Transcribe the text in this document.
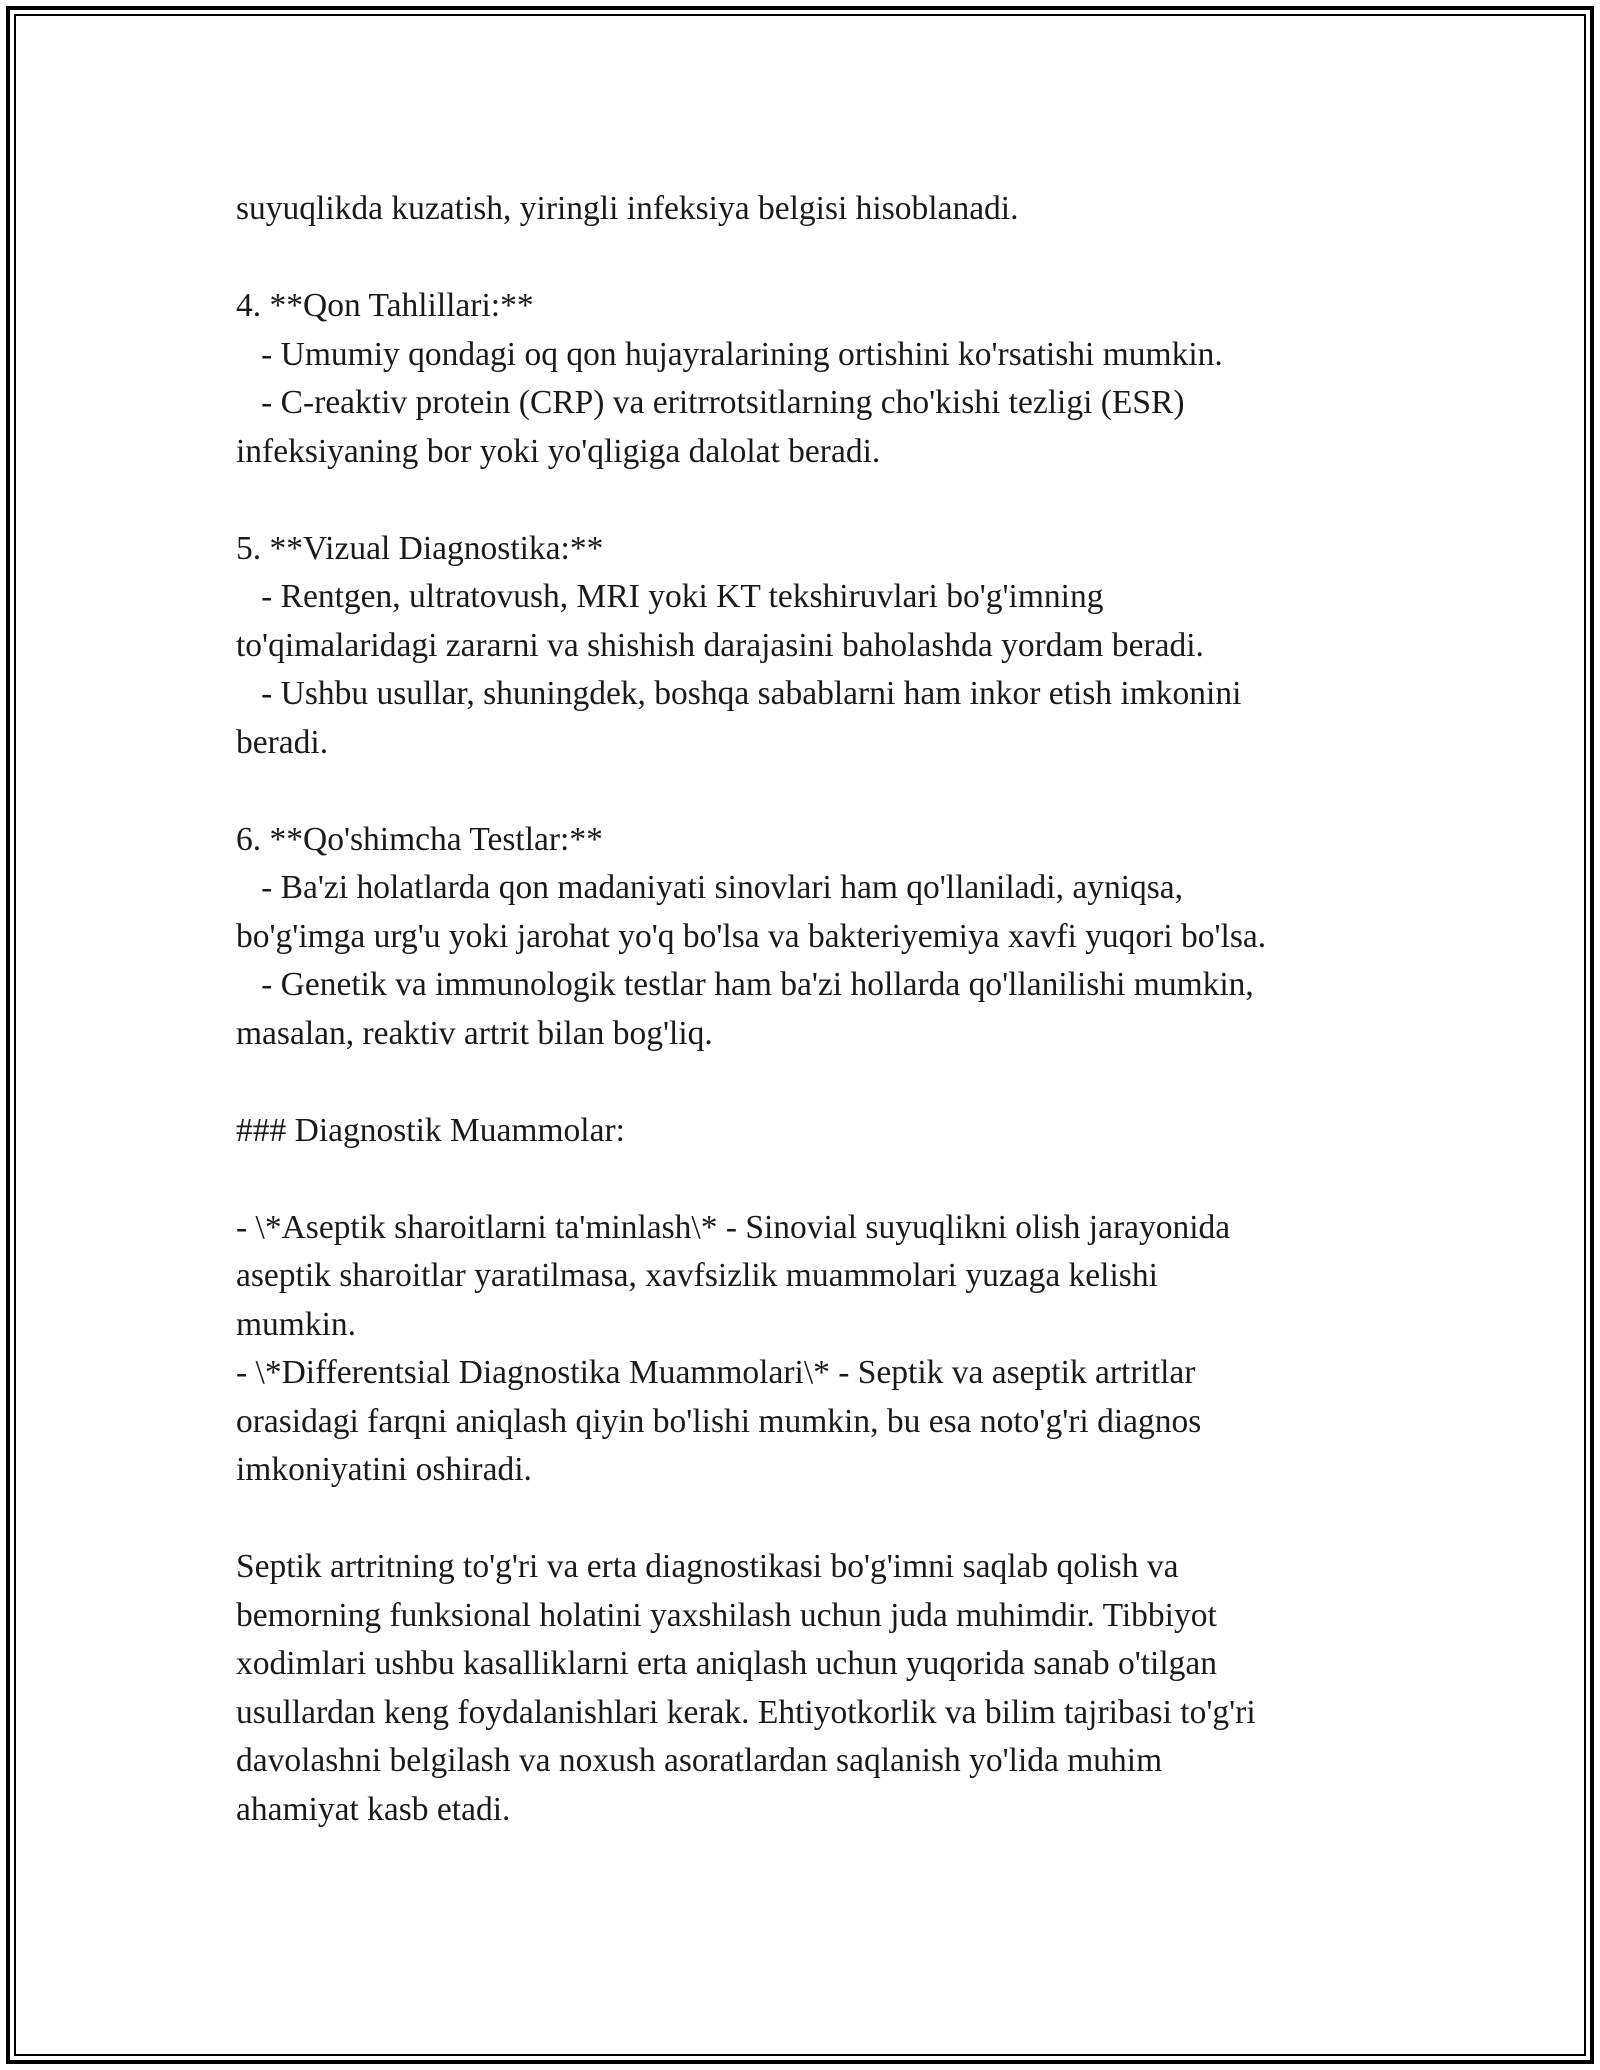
suyuqlikda kuzatish, yiringli infeksiya belgisi hisoblanadi.
4. **Qon Tahlillari:**
- Umumiy qondagi oq qon hujayralarining ortishini ko'rsatishi mumkin.
- C-reaktiv protein (CRP) va eritrrotsitlarning cho'kishi tezligi (ESR)
infeksiyaning bor yoki yo'qligiga dalolat beradi.
5. **Vizual Diagnostika:**
- Rentgen, ultratovush, MRI yoki KT tekshiruvlari bo'g'imning
to'qimalaridagi zararni va shishish darajasini baholashda yordam beradi.
- Ushbu usullar, shuningdek, boshqa sabablarni ham inkor etish imkonini
beradi.
6. **Qo'shimcha Testlar:**
- Ba'zi holatlarda qon madaniyati sinovlari ham qo'llaniladi, ayniqsa,
bo'g'imga urg'u yoki jarohat yo'q bo'lsa va bakteriyemiya xavfi yuqori bo'lsa.
- Genetik va immunologik testlar ham ba'zi hollarda qo'llanilishi mumkin,
masalan, reaktiv artrit bilan bog'liq.
### Diagnostik Muammolar:
- \*Aseptik sharoitlarni ta'minlash\* - Sinovial suyuqlikni olish jarayonida
aseptik sharoitlar yaratilmasa, xavfsizlik muammolari yuzaga kelishi
mumkin.
- \*Differentsial Diagnostika Muammolari\* - Septik va aseptik artritlar
orasidagi farqni aniqlash qiyin bo'lishi mumkin, bu esa noto'g'ri diagnos
imkoniyatini oshiradi.
Septik artritning to'g'ri va erta diagnostikasi bo'g'imni saqlab qolish va
bemorning funksional holatini yaxshilash uchun juda muhimdir. Tibbiyot
xodimlari ushbu kasalliklarni erta aniqlash uchun yuqorida sanab o'tilgan
usullardan keng foydalanishlari kerak. Ehtiyotkorlik va bilim tajribasi to'g'ri
davolashni belgilash va noxush asoratlardan saqlanish yo'lida muhim
ahamiyat kasb etadi.
